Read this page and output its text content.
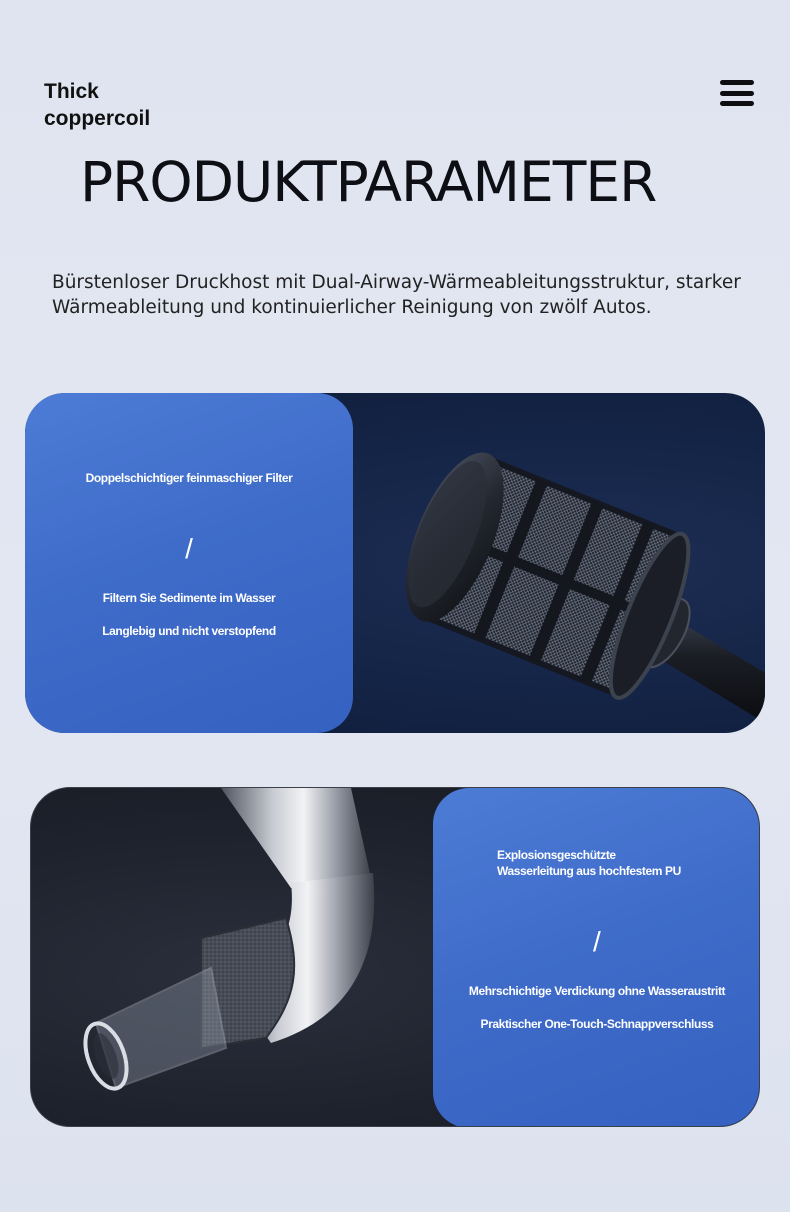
Thick
coppercoil
PRODUKTPARAMETER

Bürstenloser Druckhost mit Dual-Airway-Wärmeableitungsstruktur, starker Wärmeableitung und kontinuierlicher Reinigung von zwölf Autos.

Doppelschichtiger feinmaschiger Filter
/
Filtern Sie Sedimente im Wasser
Langlebig und nicht verstopfend
Explosionsgeschützte
Wasserleitung aus hochfestem PU
/
Mehrschichtige Verdickung ohne Wasseraustritt
Praktischer One-Touch-Schnappverschluss
